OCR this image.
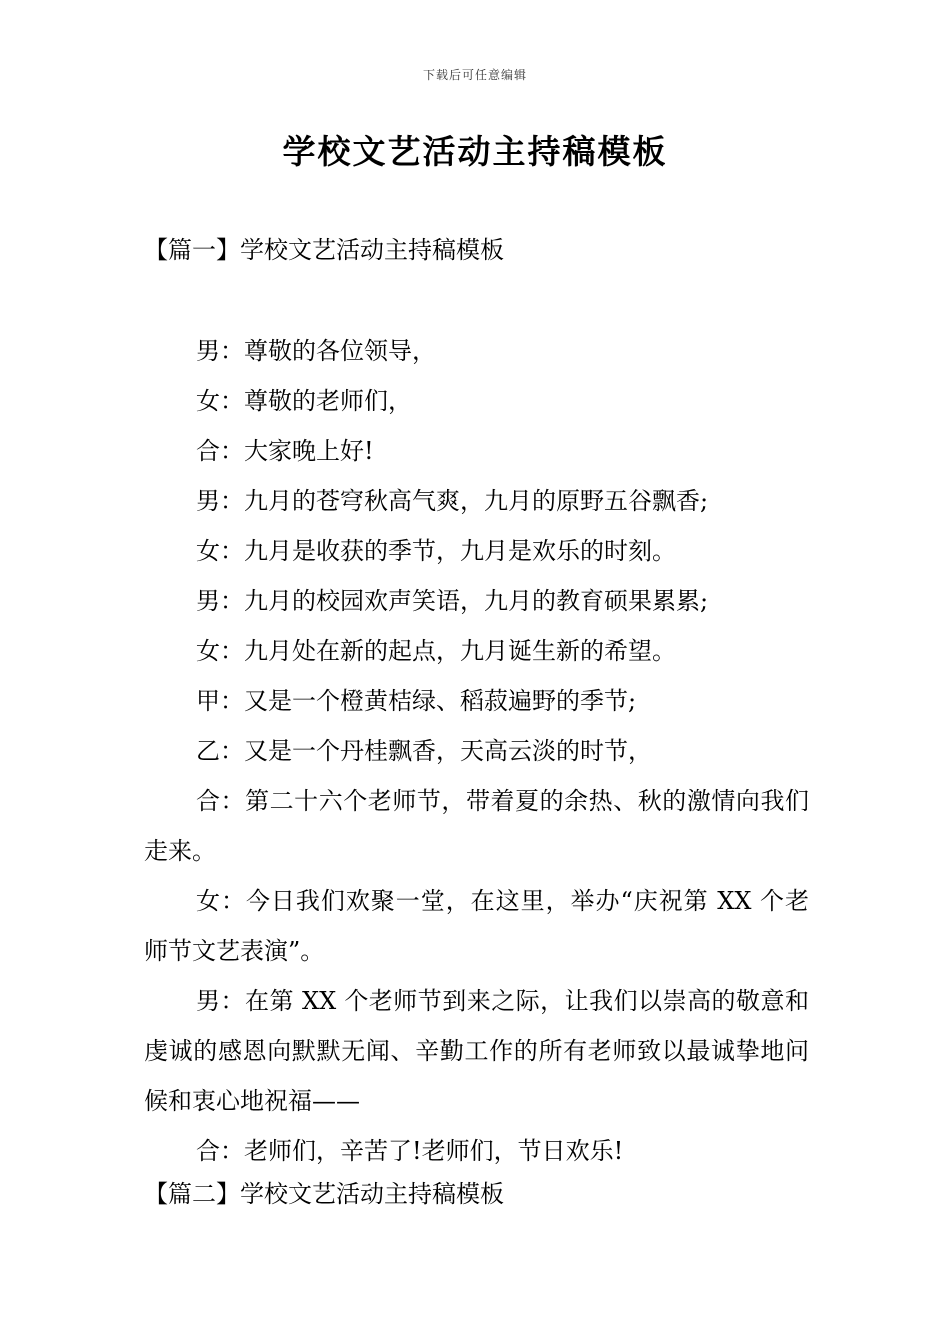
下载后可任意编辑
学校文艺活动主持稿模板
【篇一】学校文艺活动主持稿模板

男：尊敬的各位领导，

女：尊敬的老师们，

合：大家晚上好!

男：九月的苍穹秋高气爽，九月的原野五谷飘香;

女：九月是收获的季节，九月是欢乐的时刻。

男：九月的校园欢声笑语，九月的教育硕果累累;

女：九月处在新的起点，九月诞生新的希望。

甲：又是一个橙黄桔绿、稻菽遍野的季节;

乙：又是一个丹桂飘香，天高云淡的时节，

合：第二十六个老师节，带着夏的余热、秋的激情向我们走来。

女：今日我们欢聚一堂，在这里，举办“庆祝第 XX 个老师节文艺表演”。

男：在第 XX 个老师节到来之际，让我们以崇高的敬意和虔诚的感恩向默默无闻、辛勤工作的所有老师致以最诚挚地问候和衷心地祝福——

合：老师们，辛苦了!老师们，节日欢乐!

【篇二】学校文艺活动主持稿模板
